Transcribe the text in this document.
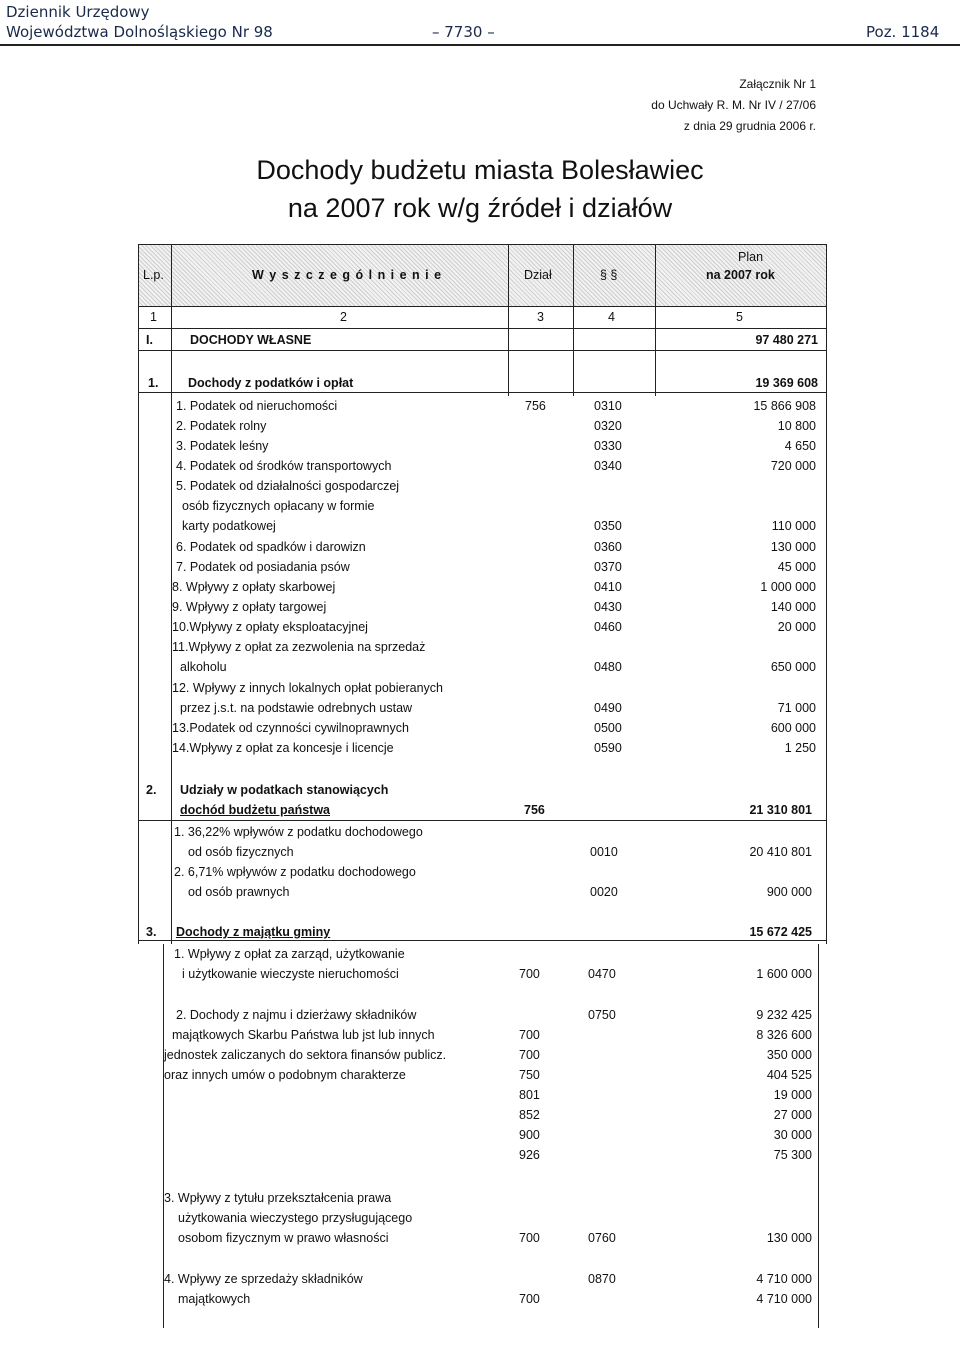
Dziennik Urzędowy
Województwa Dolnośląskiego Nr 98	– 7730 –	Poz. 1184
Załącznik Nr 1
do Uchwały R. M. Nr IV / 27/06
z dnia 29 grudnia 2006 r.
Dochody budżetu miasta Bolesławiec
na 2007 rok w/g źródeł i działów
L.p.	W y s z c z e g ó l n i e n i e	Dział	§ §
Plan
na 2007 rok
1	2	3	4	5
I.	DOCHODY WŁASNE	97 480 271
1. Dochody z podatków i opłat	19 369 608
1. Podatek od nieruchomości	756	0310	15 866 908
2. Podatek rolny	0320	10 800
3. Podatek leśny	0330	4 650
4. Podatek od środków transportowych	0340	720 000
5. Podatek od działalności gospodarczej
osób fizycznych opłacany w formie
karty podatkowej	0350	110 000
6. Podatek od spadków i darowizn	0360	130 000
7. Podatek od posiadania psów	0370	45 000
8. Wpływy z opłaty skarbowej	0410	1 000 000
9. Wpływy z opłaty targowej	0430	140 000
10.Wpływy z opłaty eksploatacyjnej	0460	20 000
11.Wpływy z opłat za zezwolenia na sprzedaż
alkoholu	0480	650 000
12. Wpływy z innych lokalnych opłat pobieranych
przez j.s.t. na podstawie odrebnych ustaw	0490	71 000
13.Podatek od czynności cywilnoprawnych	0500	600 000
14.Wpływy z opłat za koncesje i licencje	0590	1 250
2. Udziały w podatkach stanowiących
dochód budżetu państwa	756	21 310 801
1. 36,22% wpływów z podatku dochodowego
od osób fizycznych	0010	20 410 801
2. 6,71% wpływów z podatku dochodowego
od osób prawnych	0020	900 000
3. Dochody z majątku gminy	15 672 425
1. Wpływy z opłat za zarząd, użytkowanie
i użytkowanie wieczyste nieruchomości	700	0470	1 600 000
2. Dochody z najmu i dzierżawy składników	0750	9 232 425
majątkowych Skarbu Państwa lub jst lub innych	700	8 326 600
jednostek zaliczanych do sektora finansów publicz.	700	350 000
oraz innych umów o podobnym charakterze	750	404 525
801	19 000
852	27 000
900	30 000
926	75 300
3. Wpływy z tytułu przekształcenia prawa
użytkowania wieczystego przysługującego
osobom fizycznym w prawo własności	700	0760	130 000
4. Wpływy ze sprzedaży składników	0870	4 710 000
majątkowych	700	4 710 000
